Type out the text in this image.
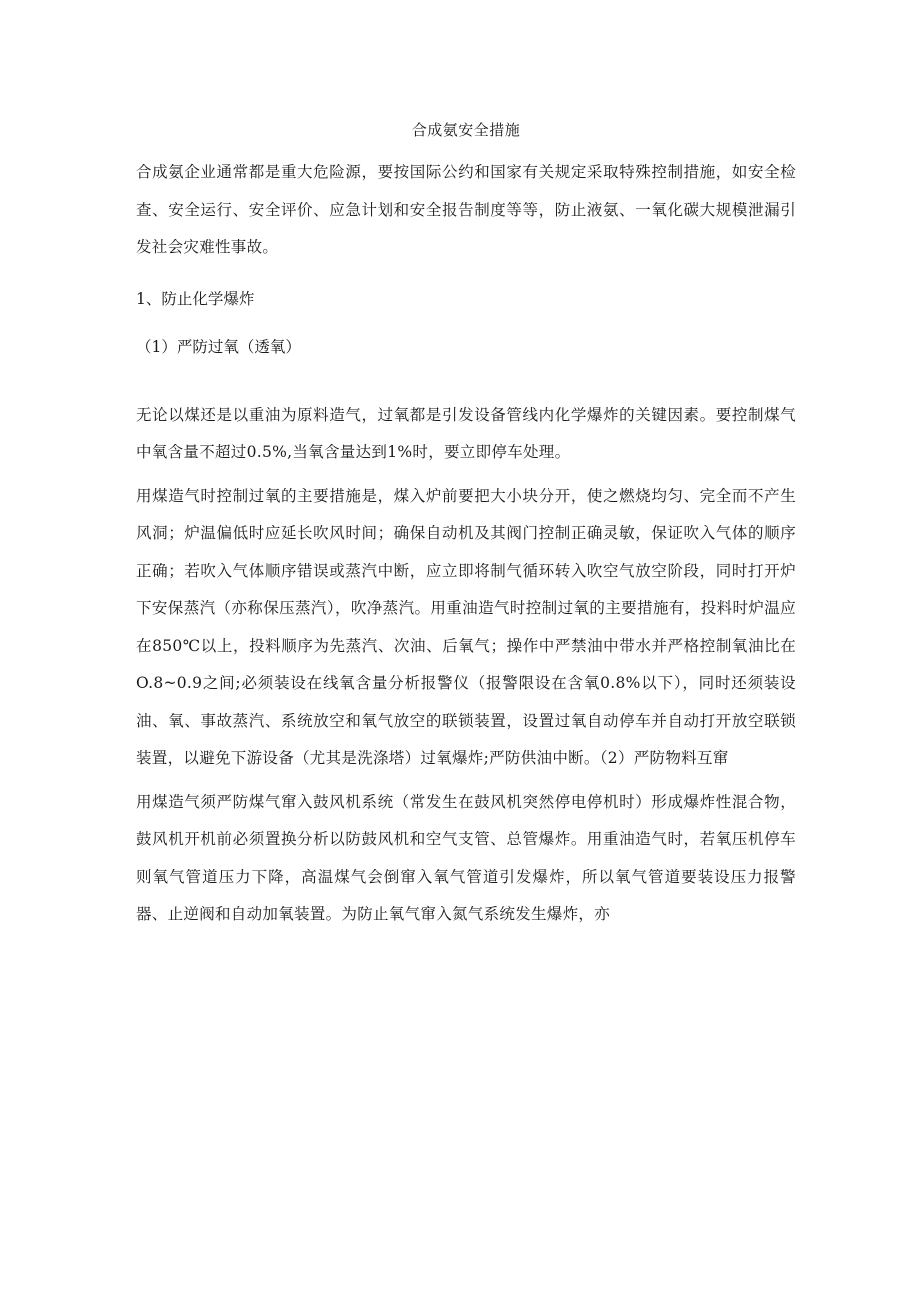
合成氨安全措施

合成氨企业通常都是重大危险源，要按国际公约和国家有关规定采取特殊控制措施，如安全检查、安全运行、安全评价、应急计划和安全报告制度等等，防止液氨、一氧化碳大规模泄漏引发社会灾难性事故。

1、防止化学爆炸

（1）严防过氧（透氧）

无论以煤还是以重油为原料造气，过氧都是引发设备管线内化学爆炸的关键因素。要控制煤气中氧含量不超过0.5%,当氧含量达到1%时，要立即停车处理。

用煤造气时控制过氧的主要措施是，煤入炉前要把大小块分开，使之燃烧均匀、完全而不产生风洞；炉温偏低时应延长吹风时间；确保自动机及其阀门控制正确灵敏，保证吹入气体的顺序正确；若吹入气体顺序错误或蒸汽中断，应立即将制气循环转入吹空气放空阶段，同时打开炉下安保蒸汽（亦称保压蒸汽），吹净蒸汽。用重油造气时控制过氧的主要措施有，投料时炉温应在850℃以上，投料顺序为先蒸汽、次油、后氧气；操作中严禁油中带水并严格控制氧油比在O.8~0.9之间;必须装设在线氧含量分析报警仪（报警限设在含氧0.8%以下），同时还须装设油、氧、事故蒸汽、系统放空和氧气放空的联锁装置，设置过氧自动停车并自动打开放空联锁装置，以避免下游设备（尤其是洗涤塔）过氧爆炸;严防供油中断。（2）严防物料互窜

用煤造气须严防煤气窜入鼓风机系统（常发生在鼓风机突然停电停机时）形成爆炸性混合物，鼓风机开机前必须置换分析以防鼓风机和空气支管、总管爆炸。用重油造气时，若氧压机停车则氧气管道压力下降，高温煤气会倒窜入氧气管道引发爆炸，所以氧气管道要装设压力报警器、止逆阀和自动加氧装置。为防止氧气窜入氮气系统发生爆炸，亦
